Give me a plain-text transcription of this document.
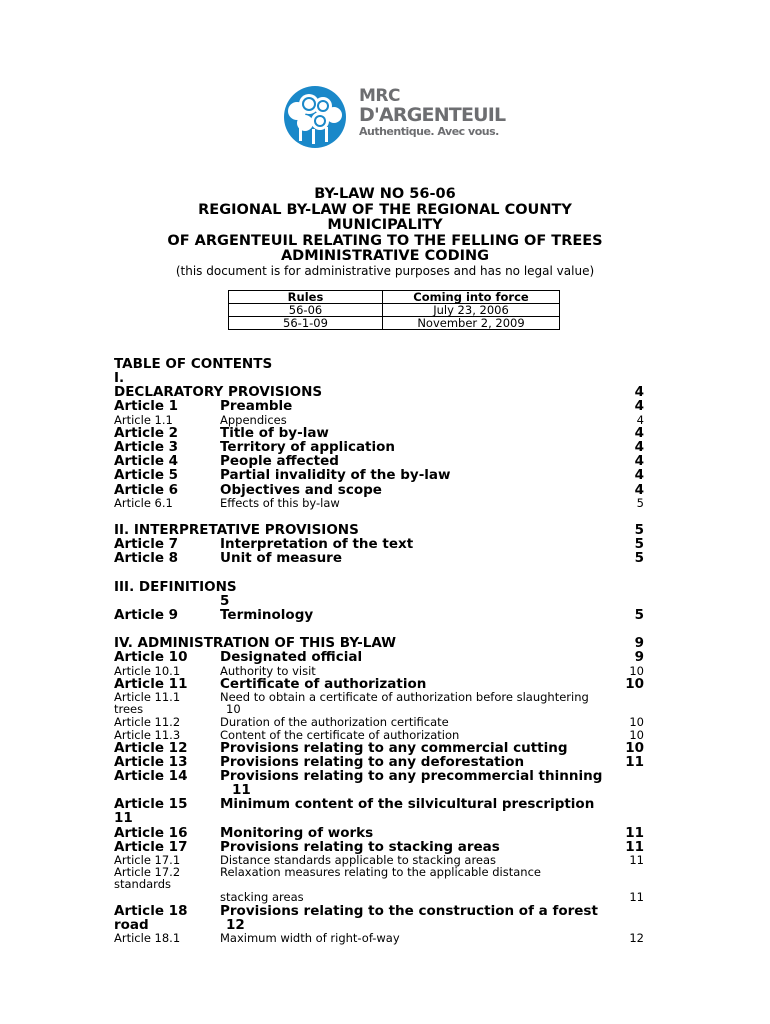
MRC
D'ARGENTEUIL
Authentique. Avec vous.
BY-LAW NO 56-06
REGIONAL BY-LAW OF THE REGIONAL COUNTY
MUNICIPALITY
OF ARGENTEUIL RELATING TO THE FELLING OF TREES
ADMINISTRATIVE CODING
(this document is for administrative purposes and has no legal value)
Rules	Coming into force
56-06	July 23, 2006
56-1-09	November 2, 2009
TABLE OF CONTENTS
I.
DECLARATORY PROVISIONS	4
Article 1	Preamble	4
Article 1.1	Appendices	4
Article 2	Title of by-law	4
Article 3	Territory of application	4
Article 4	People affected	4
Article 5	Partial invalidity of the by-law	4
Article 6	Objectives and scope	4
Article 6.1	Effects of this by-law	5
II. INTERPRETATIVE PROVISIONS	5
Article 7	Interpretation of the text	5
Article 8	Unit of measure	5
III. DEFINITIONS
5
Article 9	Terminology	5
IV. ADMINISTRATION OF THIS BY-LAW	9
Article 10 Designated official	9
Article 10.1	Authority to visit	10
Article 11 Certificate of authorization	10
Article 11.1	Need to obtain a certificate of authorization before slaughtering
trees	10
Article 11.2	Duration of the authorization certificate	10
Article 11.3	Content of the certificate of authorization	10
Article 12 Provisions relating to any commercial cutting	10
Article 13 Provisions relating to any deforestation	11
Article 14 Provisions relating to any precommercial thinning
11
Article 15 Minimum content of the silvicultural prescription
11
Article 16 Monitoring of works	11
Article 17 Provisions relating to stacking areas	11
Article 17.1	Distance standards applicable to stacking areas	11
Article 17.2	Relaxation measures relating to the applicable distance
standards
stacking areas	11
Article 18 Provisions relating to the construction of a forest
road	12
Article 18.1	Maximum width of right-of-way	12
